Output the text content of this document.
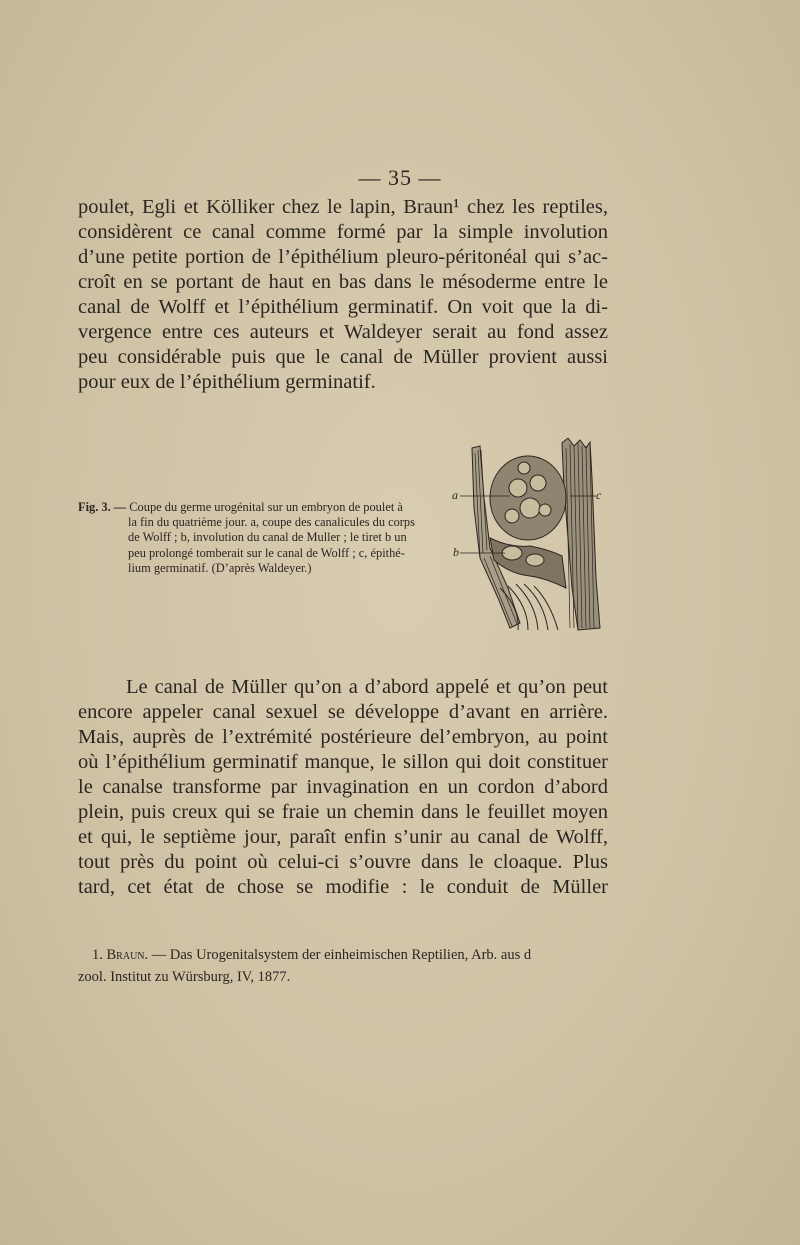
— 35 —
poulet, Egli et Kölliker chez le lapin, Braun¹ chez les reptiles,
considèrent ce canal comme formé par la simple involution
d’une petite portion de l’épithélium pleuro-péritonéal qui s’ac-
croît en se portant de haut en bas dans le mésoderme entre le
canal de Wolff et l’épithélium germinatif. On voit que la di-
vergence entre ces auteurs et Waldeyer serait au fond assez
peu considérable puis que le canal de Müller provient aussi
pour eux de l’épithélium germinatif.
Fig. 3. — Coupe du germe urogénital sur un embryon de poulet à
la fin du quatrième jour. a, coupe des canalicules du corps
de Wolff ; b, involution du canal de Muller ; le tiret b un
peu prolongé tomberait sur le canal de Wolff ; c, épithé-
lium germinatif. (D’après Waldeyer.)
a
b
c
Le canal de Müller qu’on a d’abord appelé et qu’on peut
encore appeler canal sexuel se développe d’avant en arrière.
Mais, auprès de l’extrémité postérieure del’embryon, au point
où l’épithélium germinatif manque, le sillon qui doit constituer
le canalse transforme par invagination en un cordon d’abord
plein, puis creux qui se fraie un chemin dans le feuillet moyen
et qui, le septième jour, paraît enfin s’unir au canal de Wolff,
tout près du point où celui-ci s’ouvre dans le cloaque. Plus
tard, cet état de chose se modifie : le conduit de Müller
1. Braun. — Das Urogenitalsystem der einheimischen Reptilien, Arb. aus d
zool. Institut zu Würsburg, IV, 1877.
